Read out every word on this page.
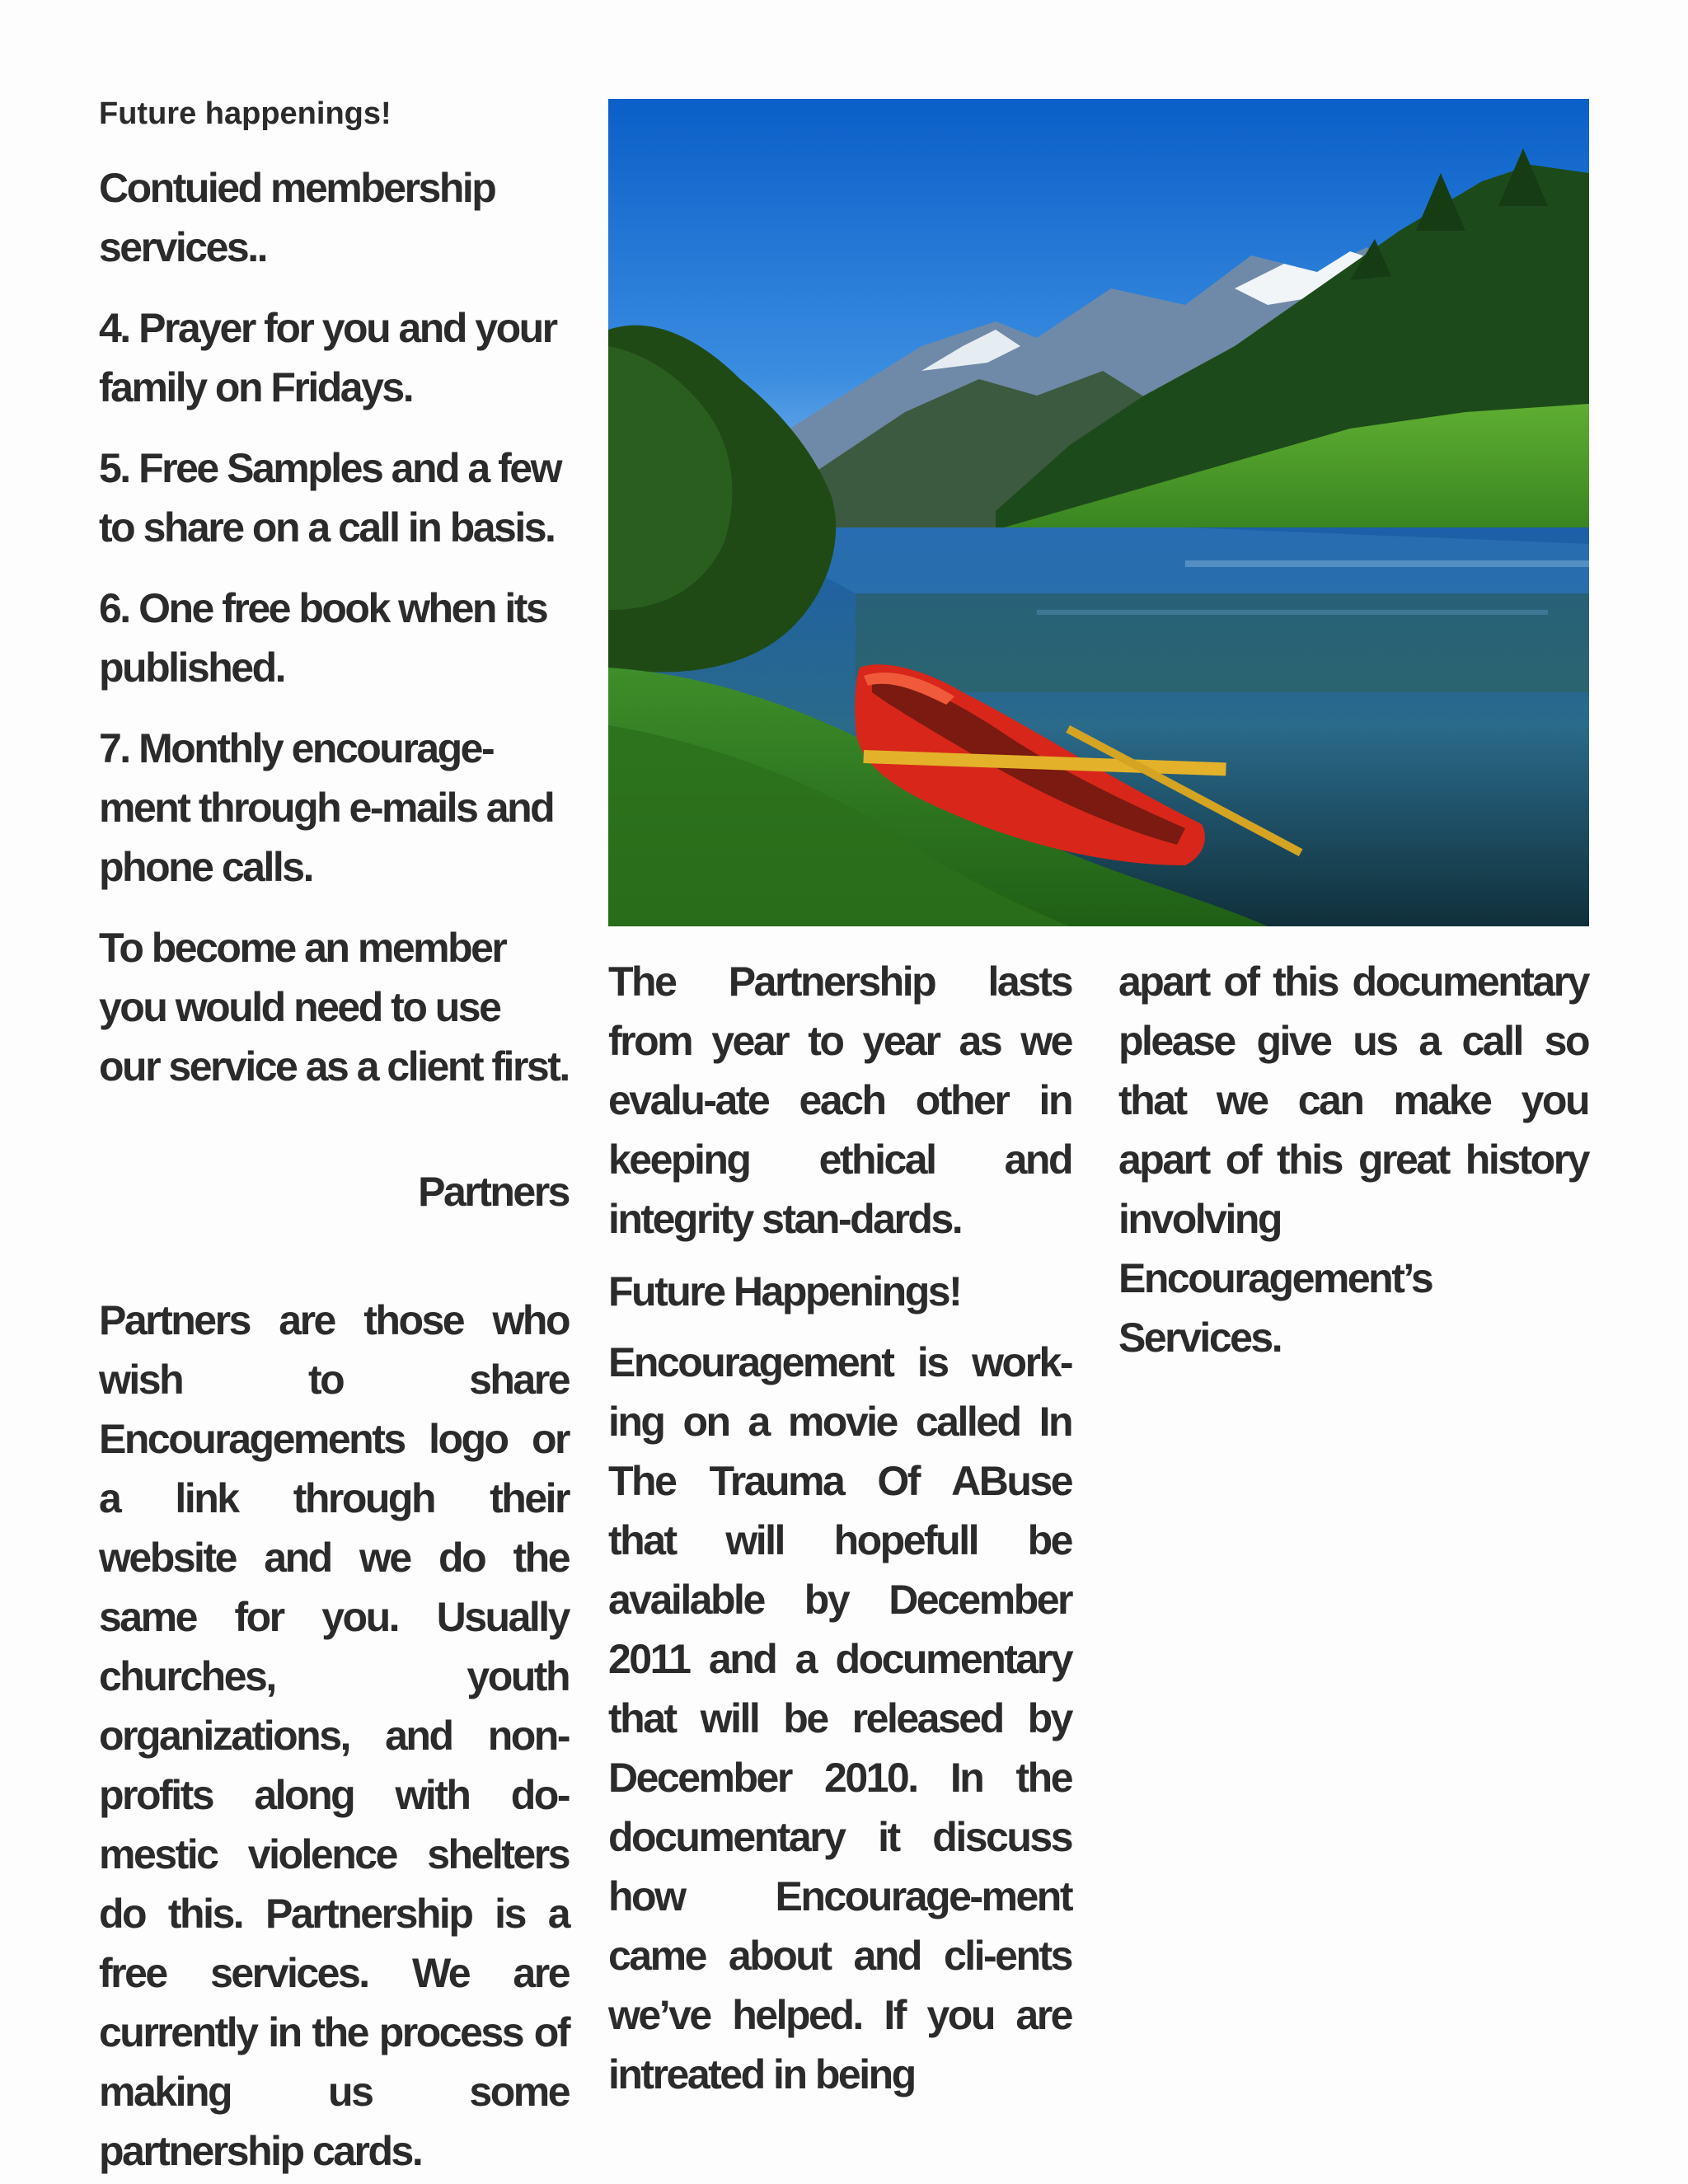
Future happenings!

Contuied membership services..

4. Prayer for you and your family on Fridays.

5. Free Samples and a few to share on a call in basis.

6. One free book when its published.

7. Monthly encourage-ment through e-mails and phone calls.

To become an member you would need to use our service as a client first.

Partners

Partners are those who wish to share Encouragements logo or a link through their website and we do the same for you. Usually churches, youth organizations, and non-profits along with do-mestic violence shelters do this. Partnership is a free services. We are currently in the process of making us some partnership cards.

The Partnership lasts from year to year as we evalu-ate each other in keeping ethical and integrity stan-dards.

Future Happenings!

Encouragement is work-ing on a movie called In The Trauma Of ABuse that will hopefull be available by December 2011 and a documentary that will be released by December 2010. In the documentary it discuss how Encourage-ment came about and cli-ents we’ve helped. If you are intreated in being

apart of this documentary please give us a call so that we can make you apart of this great history involving Encouragement’s Services.
